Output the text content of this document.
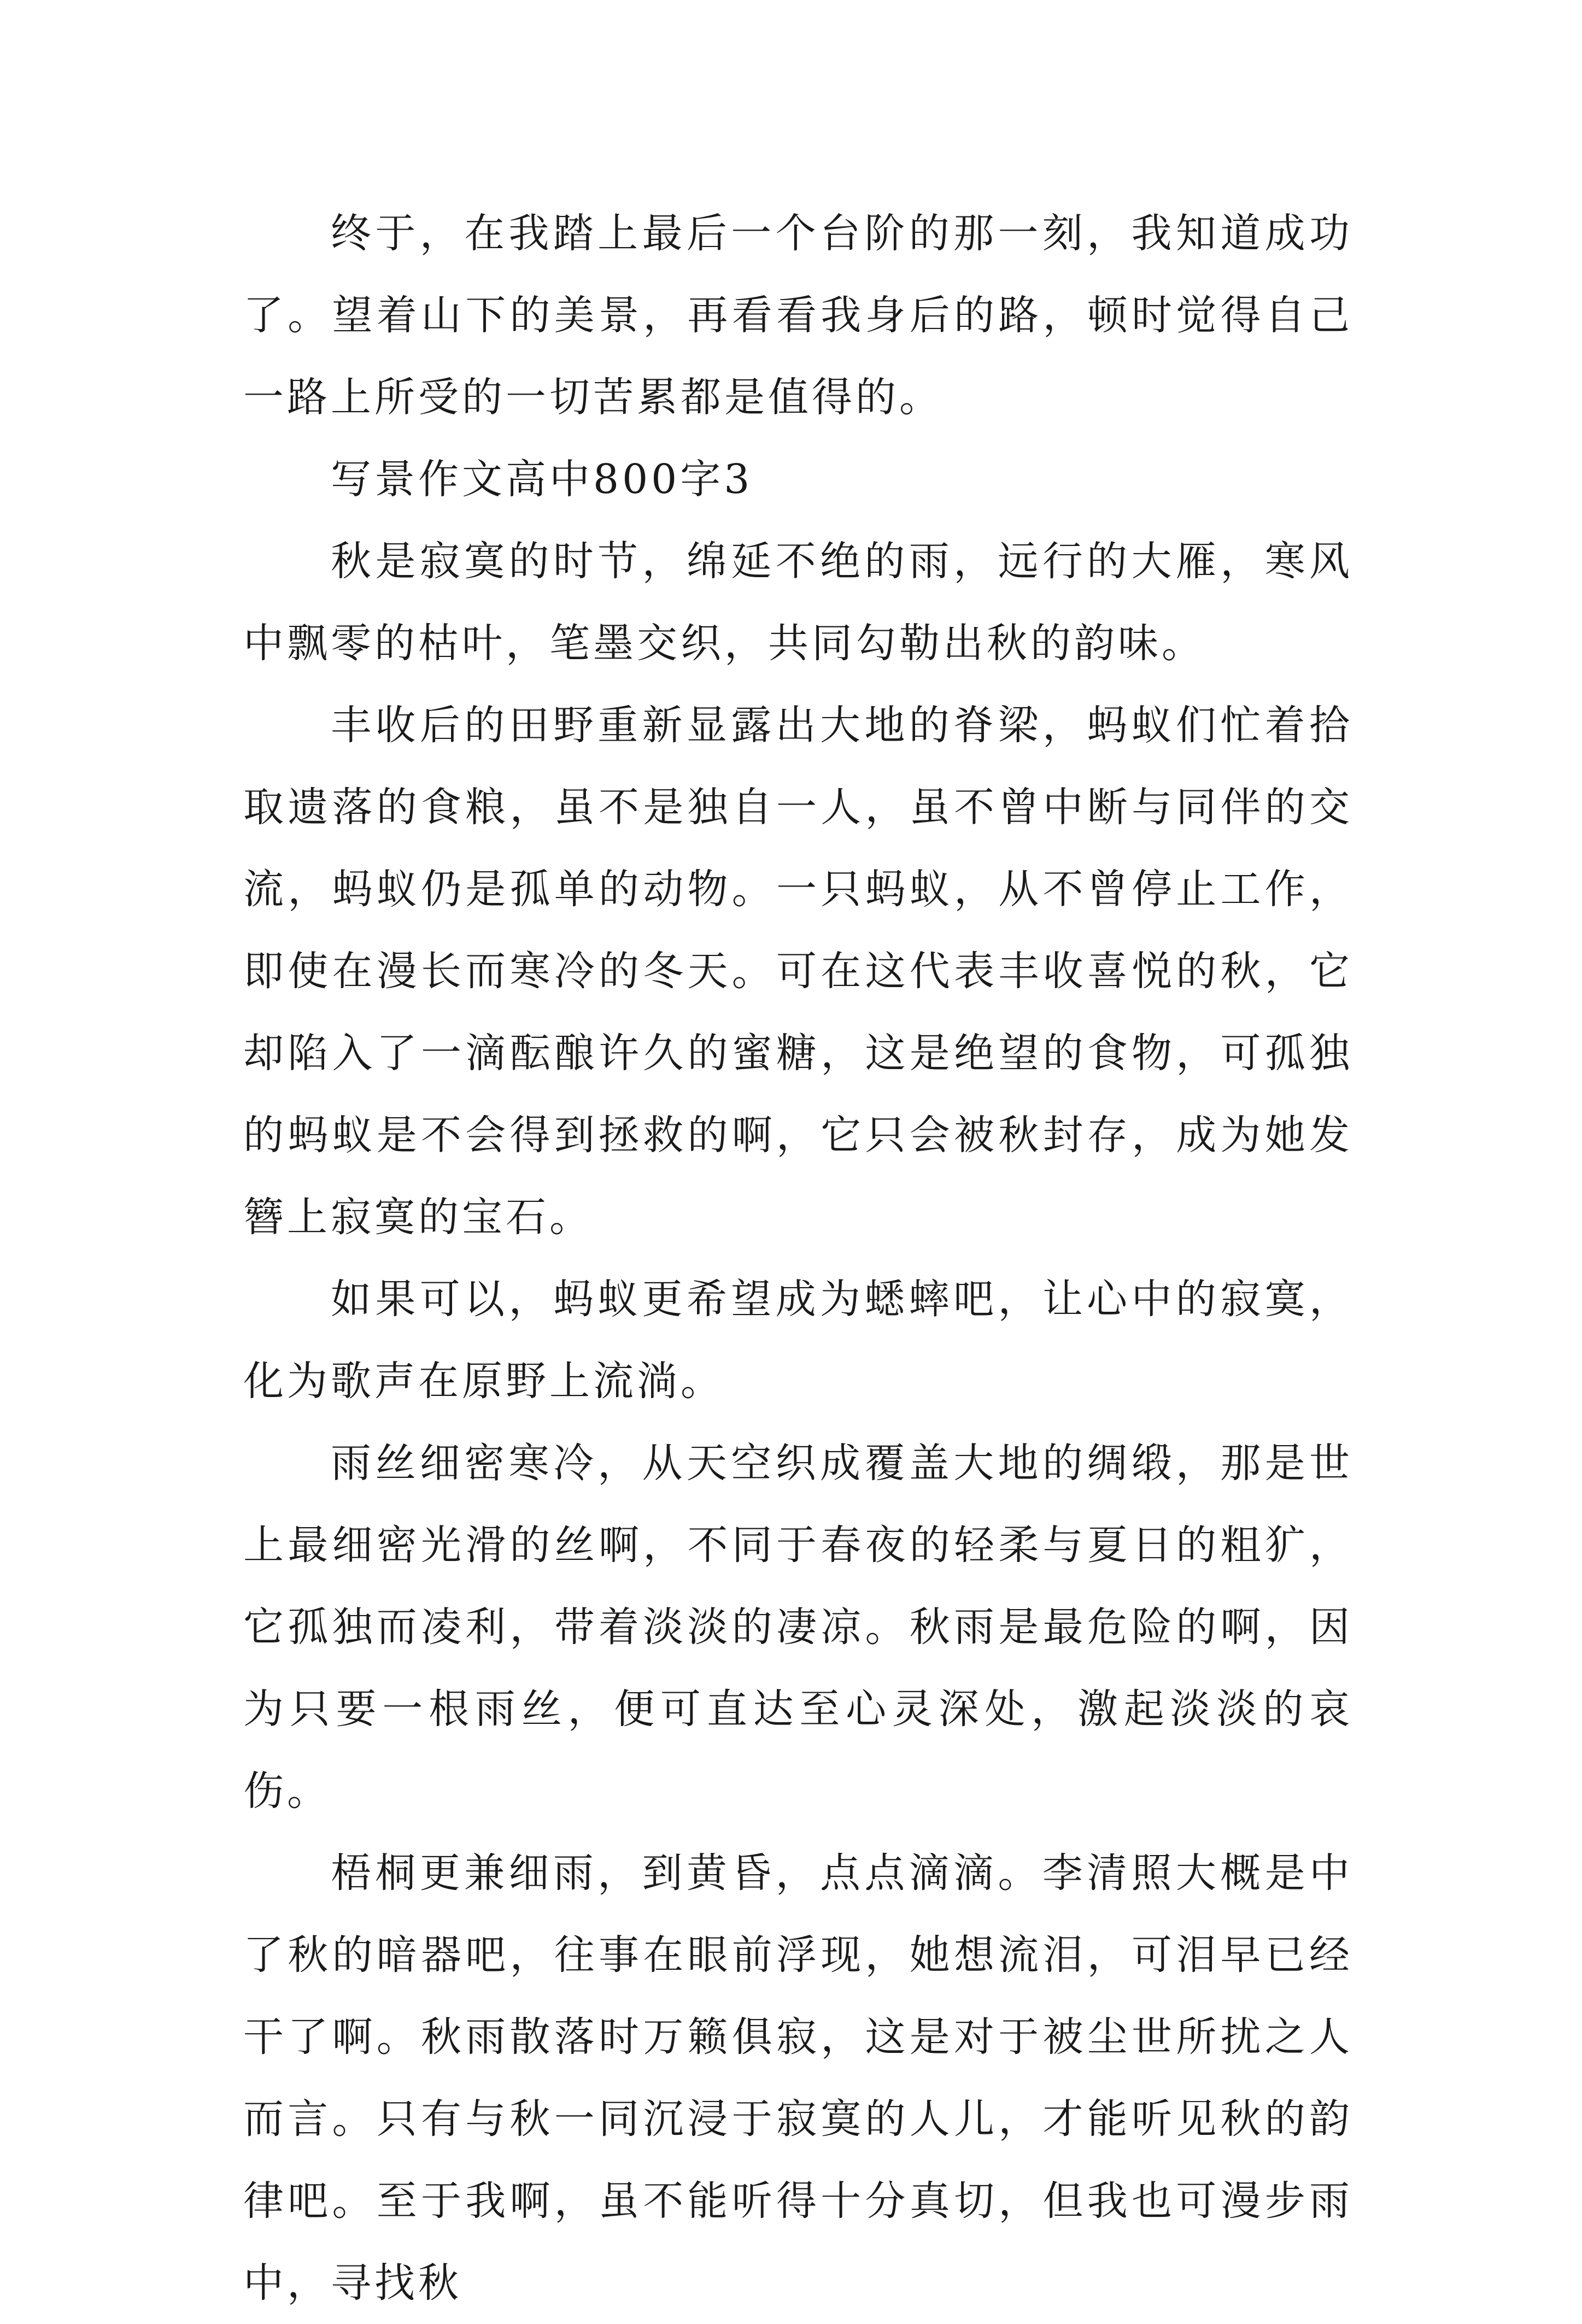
终于，在我踏上最后一个台阶的那一刻，我知道成功了。望着山下的美景，再看看我身后的路，顿时觉得自己一路上所受的一切苦累都是值得的。

写景作文高中800字3

秋是寂寞的时节，绵延不绝的雨，远行的大雁，寒风中飘零的枯叶，笔墨交织，共同勾勒出秋的韵味。

丰收后的田野重新显露出大地的脊梁，蚂蚁们忙着拾取遗落的食粮，虽不是独自一人，虽不曾中断与同伴的交流，蚂蚁仍是孤单的动物。一只蚂蚁，从不曾停止工作，即使在漫长而寒冷的冬天。可在这代表丰收喜悦的秋，它却陷入了一滴酝酿许久的蜜糖，这是绝望的食物，可孤独的蚂蚁是不会得到拯救的啊，它只会被秋封存，成为她发簪上寂寞的宝石。

如果可以，蚂蚁更希望成为蟋蟀吧，让心中的寂寞，化为歌声在原野上流淌。

雨丝细密寒冷，从天空织成覆盖大地的绸缎，那是世上最细密光滑的丝啊，不同于春夜的轻柔与夏日的粗犷，它孤独而凌利，带着淡淡的凄凉。秋雨是最危险的啊，因为只要一根雨丝，便可直达至心灵深处，激起淡淡的哀伤。

梧桐更兼细雨，到黄昏，点点滴滴。李清照大概是中了秋的暗器吧，往事在眼前浮现，她想流泪，可泪早已经干了啊。秋雨散落时万籁俱寂，这是对于被尘世所扰之人而言。只有与秋一同沉浸于寂寞的人儿，才能听见秋的韵律吧。至于我啊，虽不能听得十分真切，但我也可漫步雨中，寻找秋
